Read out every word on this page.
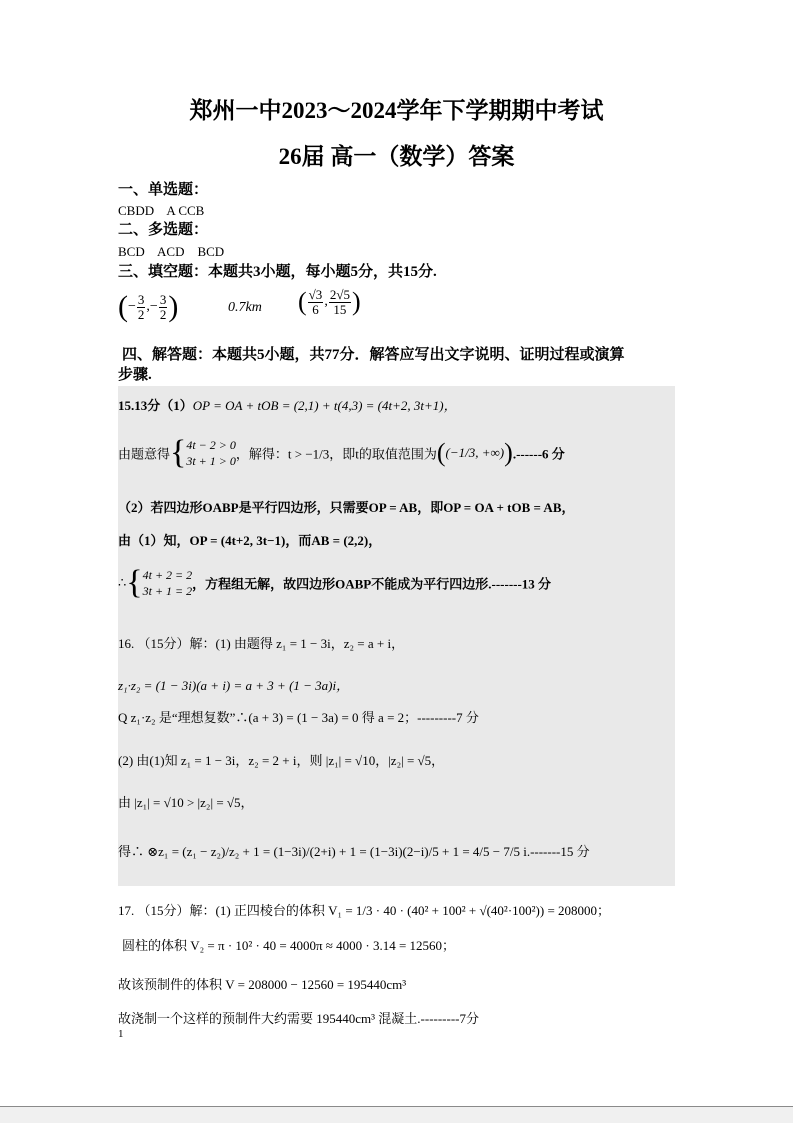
郑州一中2023～2024学年下学期期中考试
26届 高一（数学）答案
一、单选题：
CBDD    A CCB
二、多选题：
BCD    ACD    BCD
三、填空题：本题共3小题，每小题5分，共15分.
(− $\frac{3}{2}$ ,− $\frac{3}{2}$ )	0.7km ( $\frac{√3}{6}$ , $\frac{2√5}{15}$ )
四、解答题：本题共5小题，共77分．解答应写出文字说明、证明过程或演算
步骤.
15.13分（1）OP = OA + tOB = (2,1) + t(4,3) = (4t+2, 3t+1)，
由题意得{ 4t − 2 > 0
3t + 1 > 0 ，解得：t > −1/3，即t的取值范围为((−1/3, +∞)).------6 分
（2）若四边形OABP是平行四边形，只需要OP = AB，即OP = OA + tOB = AB，
由（1）知，OP = (4t+2, 3t−1)，而AB = (2,2)，
∴{ 4t + 2 = 2
3t + 1 = 2 ，方程组无解，故四边形OABP不能成为平行四边形.-------13 分
16. （15分）解：(1) 由题得 z₁ = 1 − 3i，z₂ = a + i，
z₁·z₂ = (1 − 3i)(a + i) = a + 3 + (1 − 3a)i，
Q z₁·z₂ 是“理想复数”∴(a + 3) = (1 − 3a) = 0 得 a = 2；---------7 分
(2) 由(1)知 z₁ = 1 − 3i，z₂ = 2 + i，则 |z₁| = √10，|z₂| = √5，
由 |z₁| = √10 > |z₂| = √5，
得∴ ⊗z₁ = (z₁ − z₂)/z₂ + 1 = (1−3i)/(2+i) + 1 = (1−3i)(2−i)/5 + 1 = 4/5 − 7/5 i.-------15 分
17. （15分）解：(1) 正四棱台的体积 V₁ = 1/3 · 40 · (40² + 100² + √(40²·100²)) = 208000；
圆柱的体积 V₂ = π · 10² · 40 = 4000π ≈ 4000 · 3.14 = 12560；
故该预制件的体积 V = 208000 − 12560 = 195440cm³
故浇制一个这样的预制件大约需要 195440cm³ 混凝土.---------7分
1
